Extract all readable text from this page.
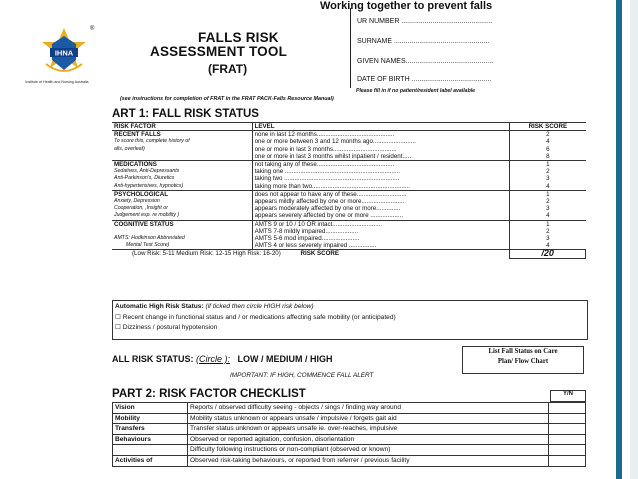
IHNA
®
Institute of Health and Nursing Australia
Working together to prevent falls
FALLS RISK
ASSESSMENT TOOL
(FRAT)
UR NUMBER ...............................................
SURNAME .................................................
GIVEN NAMES.............................................
DATE OF BIRTH .........................................
Please fill in if no patient/resident label available
(see instructions for completion of FRAT in the FRAT PACK-Falls Resource Manual)
ART 1: FALL RISK STATUS
RISK FACTOR	LEVEL	RISK SCORE
RECENT FALLS	none in last 12 months.............................................	2
To score this, complete history of	one or more between 3 and 12 months ago.........................	4
alls, overleaf)	one or more in last 3 months.....................................	6
	one or more in last 3 months whilst inpatient / resident.....	8
MEDICATIONS	not taking any of these.............................................	1
Sedatives, Anti-Depressants	taking one ...................................................................	2
Anti-Parkinson's, Diuretics	taking two ...................................................................	3
Anti-hypertensives, hypnotics)	taking more than two.........................................................	4
PSYCHOLOGICAL	does not appear to have any of these.............................	1
Anxiety, Depression	appears mildly affected by one or more.........................	2
Cooperation, ,Insight or	appears moderately affected by one or more..............	3
Judgement esp. re mobility )	appears severely affected by one or more ...................	4
COGNITIVE STATUS	AMTS 9 or 10 / 10 OR intact.............................	1
	AMTS 7-8 mildly impaired...................	2
AMTS: Hodkinson Abbreviated	AMTS 5-6 mod impaired......................	3
Mental Test Score)	AMTS 4 or less severely impaired ................	4
(Low Risk: 5-11 Medium Risk: 12-15 High Risk: 16-20) RISK SCORE		/20
Automatic High Risk Status: (if ticked then circle HIGH risk below)
☐ Recent change in functional status and / or medications affecting safe mobility (or anticipated)
☐ Dizziness / postural hypotension
ALL RISK STATUS: (Circle ): LOW / MEDIUM / HIGH
IMPORTANT: IF HIGH, COMMENCE FALL ALERT
List Fall Status on Care
Plan/ Flow Chart
PART 2: RISK FACTOR CHECKLIST	Y/N
Vision	Reports / observed difficulty seeing - objects / sings / finding way around	
Mobility	Mobility status unknown or appears unsafe / impulsive / forgets gait aid	
Transfers	Transfer status unknown or appears unsafe ie. over-reaches, impulsive	
Behaviours	Observed or reported agitation, confusion, disorientation	
	Difficulty following instructions or non-compliant (observed or known)	
Activities of	Observed risk-taking behaviours, or reported from referrer / previous facility	
